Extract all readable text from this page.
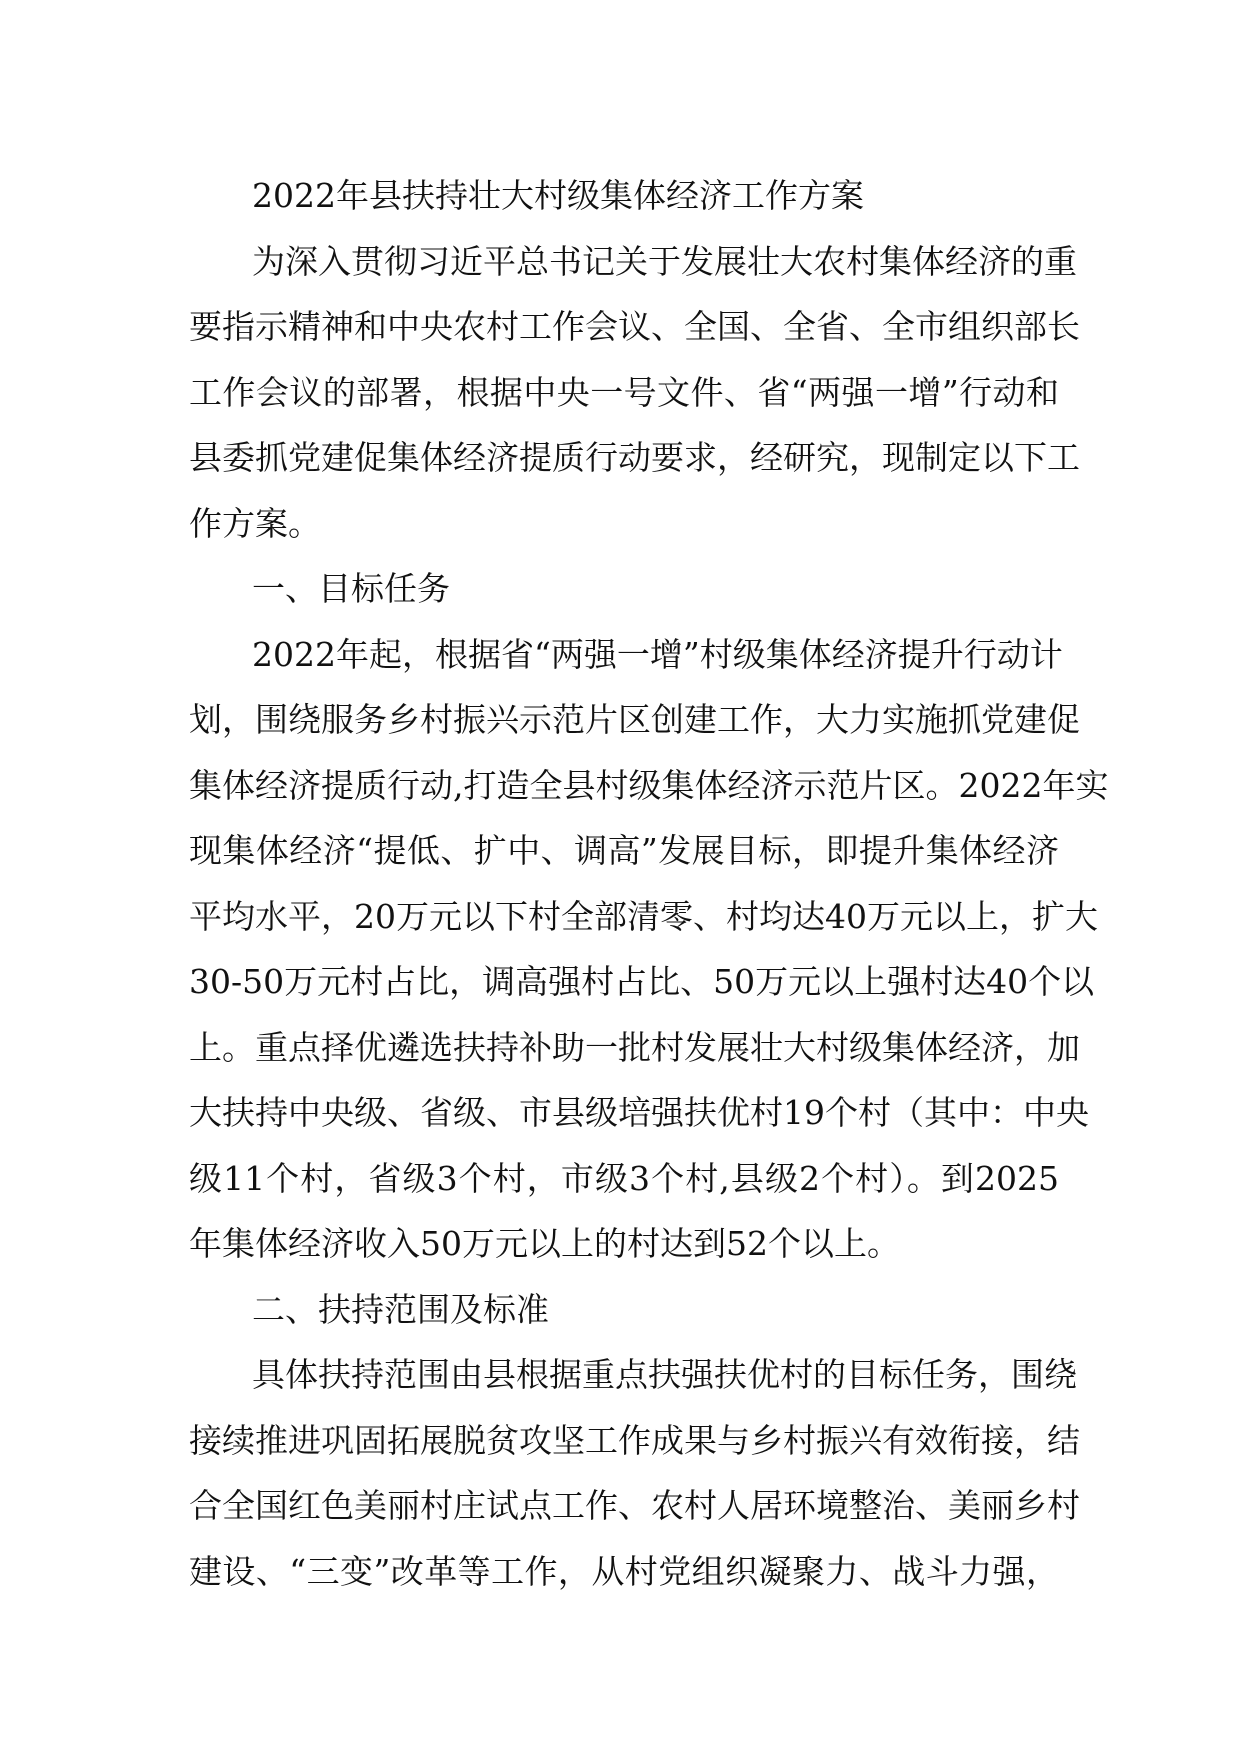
2022年县扶持壮大村级集体经济工作方案
为深入贯彻习近平总书记关于发展壮大农村集体经济的重
要指示精神和中央农村工作会议、全国、全省、全市组织部长
工作会议的部署，根据中央一号文件、省“两强一增”行动和
县委抓党建促集体经济提质行动要求，经研究，现制定以下工
作方案。
一、目标任务
2022年起，根据省“两强一增”村级集体经济提升行动计
划，围绕服务乡村振兴示范片区创建工作，大力实施抓党建促
集体经济提质行动,打造全县村级集体经济示范片区。2022年实
现集体经济“提低、扩中、调高”发展目标，即提升集体经济
平均水平，20万元以下村全部清零、村均达40万元以上，扩大
30-50万元村占比，调高强村占比、50万元以上强村达40个以
上。重点择优遴选扶持补助一批村发展壮大村级集体经济，加
大扶持中央级、省级、市县级培强扶优村19个村（其中：中央
级11个村，省级3个村，市级3个村,县级2个村）。到2025
年集体经济收入50万元以上的村达到52个以上。
二、扶持范围及标准
具体扶持范围由县根据重点扶强扶优村的目标任务，围绕
接续推进巩固拓展脱贫攻坚工作成果与乡村振兴有效衔接，结
合全国红色美丽村庄试点工作、农村人居环境整治、美丽乡村
建设、“三变”改革等工作，从村党组织凝聚力、战斗力强，
